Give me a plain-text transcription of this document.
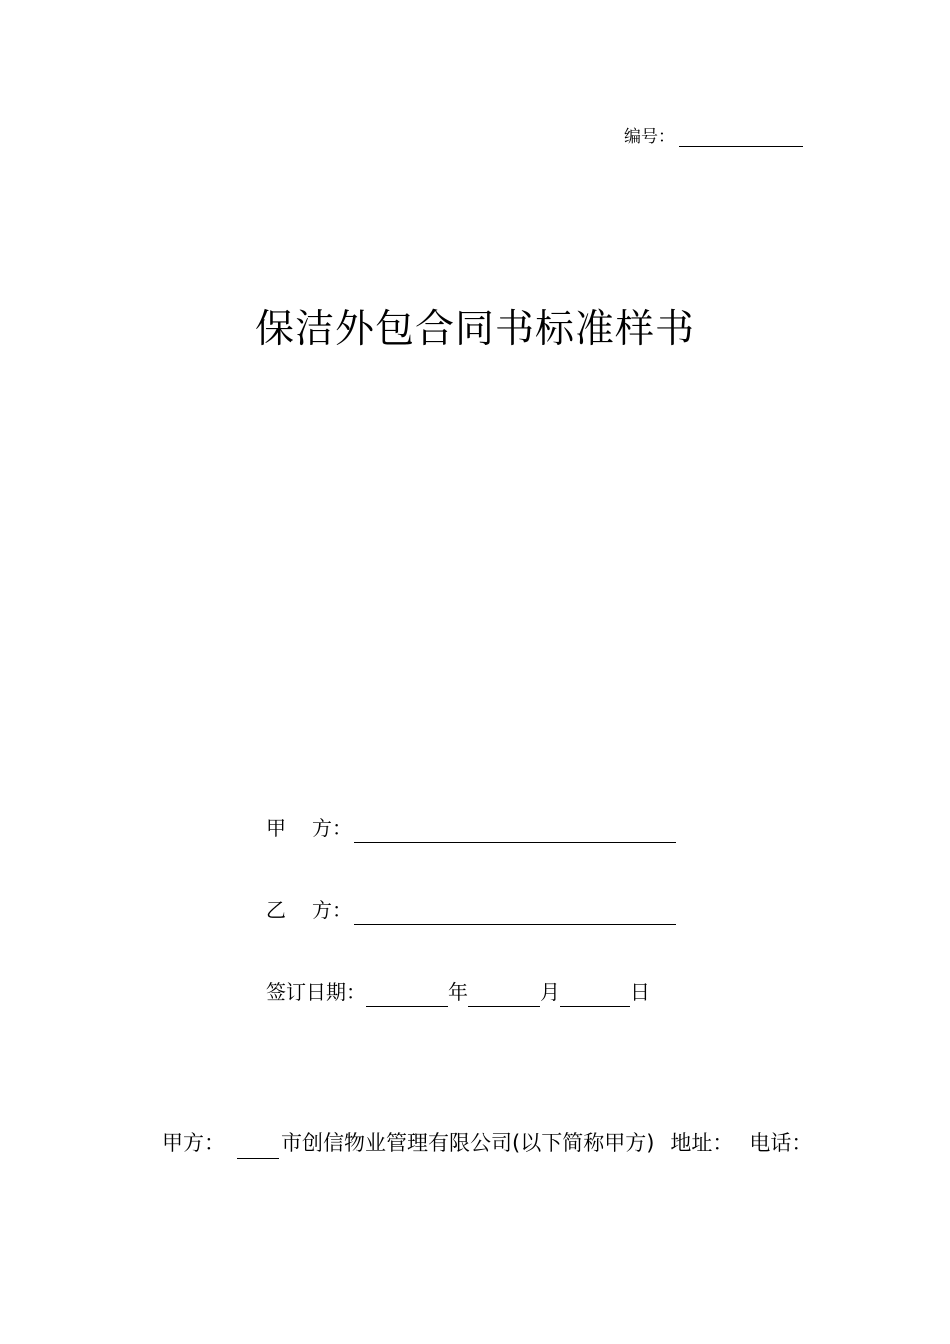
编号：
保洁外包合同书标准样书
甲 方：
乙 方：
签订日期：	年	月	日
甲方：	市创信物业管理有限公司(以下简称甲方) 地址： 电话：
